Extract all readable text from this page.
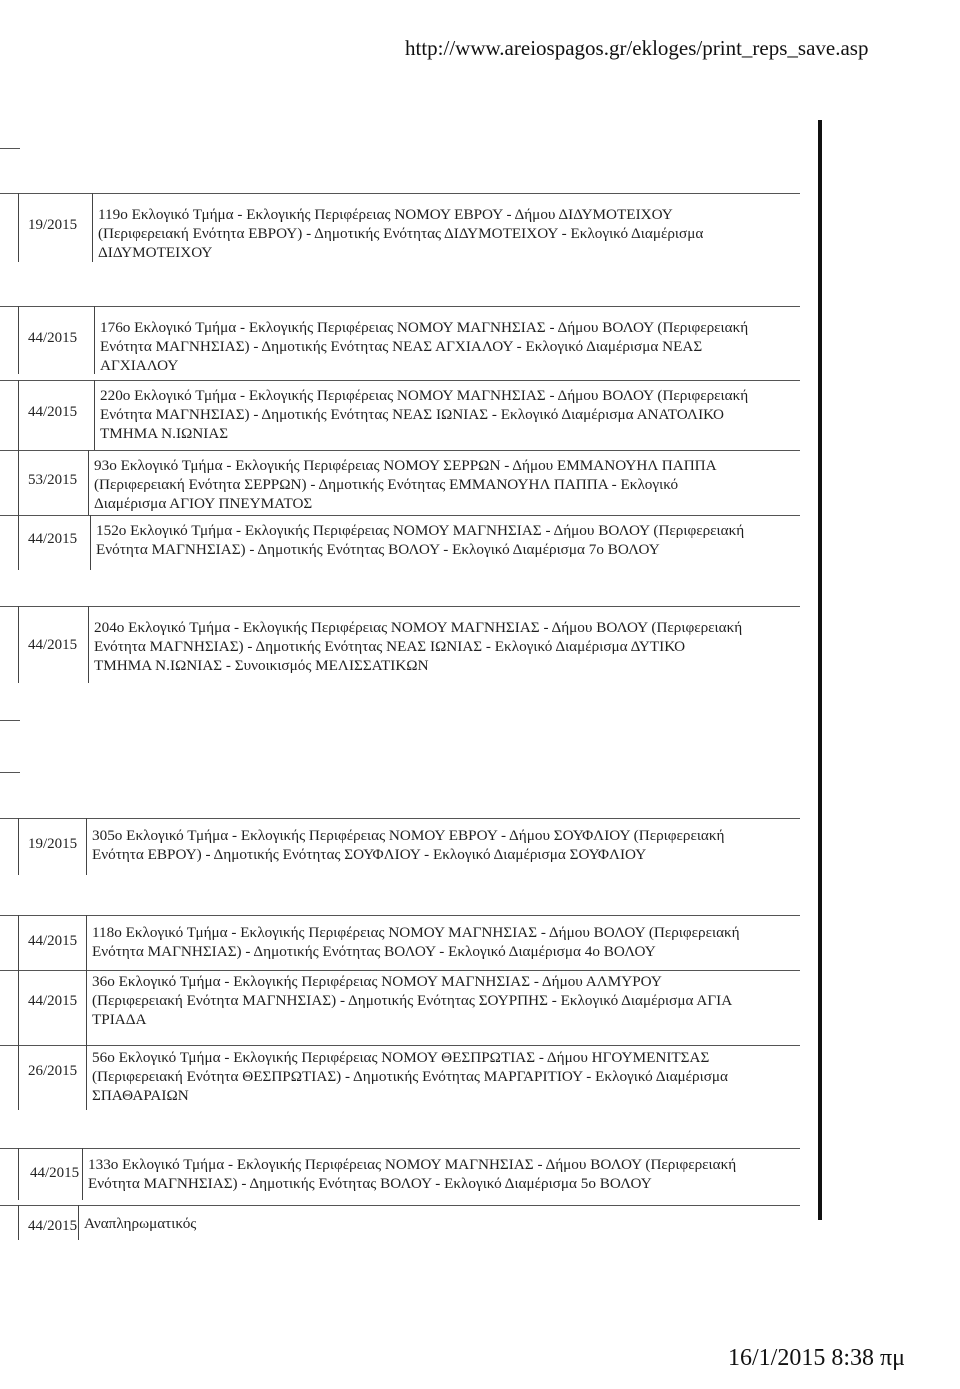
http://www.areiospagos.gr/ekloges/print_reps_save.asp
19/2015
119ο Εκλογικό Τμήμα - Εκλογικής Περιφέρειας ΝΟΜΟΥ ΕΒΡΟΥ - Δήμου ΔΙΔΥΜΟΤΕΙΧΟΥ
(Περιφερειακή Ενότητα ΕΒΡΟΥ) - Δημοτικής Ενότητας ΔΙΔΥΜΟΤΕΙΧΟΥ - Εκλογικό Διαμέρισμα
ΔΙΔΥΜΟΤΕΙΧΟΥ
44/2015
176ο Εκλογικό Τμήμα - Εκλογικής Περιφέρειας ΝΟΜΟΥ ΜΑΓΝΗΣΙΑΣ - Δήμου ΒΟΛΟΥ (Περιφερειακή
Ενότητα ΜΑΓΝΗΣΙΑΣ) - Δημοτικής Ενότητας ΝΕΑΣ ΑΓΧΙΑΛΟΥ - Εκλογικό Διαμέρισμα ΝΕΑΣ
ΑΓΧΙΑΛΟΥ
44/2015
220ο Εκλογικό Τμήμα - Εκλογικής Περιφέρειας ΝΟΜΟΥ ΜΑΓΝΗΣΙΑΣ - Δήμου ΒΟΛΟΥ (Περιφερειακή
Ενότητα ΜΑΓΝΗΣΙΑΣ) - Δημοτικής Ενότητας ΝΕΑΣ ΙΩΝΙΑΣ - Εκλογικό Διαμέρισμα ΑΝΑΤΟΛΙΚΟ
ΤΜΗΜΑ Ν.ΙΩΝΙΑΣ
53/2015
93ο Εκλογικό Τμήμα - Εκλογικής Περιφέρειας ΝΟΜΟΥ ΣΕΡΡΩΝ - Δήμου ΕΜΜΑΝΟΥΗΛ ΠΑΠΠΑ
(Περιφερειακή Ενότητα ΣΕΡΡΩΝ) - Δημοτικής Ενότητας ΕΜΜΑΝΟΥΗΛ ΠΑΠΠΑ - Εκλογικό
Διαμέρισμα ΑΓΙΟΥ ΠΝΕΥΜΑΤΟΣ
44/2015 152ο Εκλογικό Τμήμα - Εκλογικής Περιφέρειας ΝΟΜΟΥ ΜΑΓΝΗΣΙΑΣ - Δήμου ΒΟΛΟΥ (Περιφερειακή
Ενότητα ΜΑΓΝΗΣΙΑΣ) - Δημοτικής Ενότητας ΒΟΛΟΥ - Εκλογικό Διαμέρισμα 7ο ΒΟΛΟΥ
44/2015
204ο Εκλογικό Τμήμα - Εκλογικής Περιφέρειας ΝΟΜΟΥ ΜΑΓΝΗΣΙΑΣ - Δήμου ΒΟΛΟΥ (Περιφερειακή
Ενότητα ΜΑΓΝΗΣΙΑΣ) - Δημοτικής Ενότητας ΝΕΑΣ ΙΩΝΙΑΣ - Εκλογικό Διαμέρισμα ΔΥΤΙΚΟ
ΤΜΗΜΑ Ν.ΙΩΝΙΑΣ - Συνοικισμός ΜΕΛΙΣΣΑΤΙΚΩΝ
19/2015 305ο Εκλογικό Τμήμα - Εκλογικής Περιφέρειας ΝΟΜΟΥ ΕΒΡΟΥ - Δήμου ΣΟΥΦΛΙΟΥ (Περιφερειακή
Ενότητα ΕΒΡΟΥ) - Δημοτικής Ενότητας ΣΟΥΦΛΙΟΥ - Εκλογικό Διαμέρισμα ΣΟΥΦΛΙΟΥ
44/2015 118ο Εκλογικό Τμήμα - Εκλογικής Περιφέρειας ΝΟΜΟΥ ΜΑΓΝΗΣΙΑΣ - Δήμου ΒΟΛΟΥ (Περιφερειακή
Ενότητα ΜΑΓΝΗΣΙΑΣ) - Δημοτικής Ενότητας ΒΟΛΟΥ - Εκλογικό Διαμέρισμα 4ο ΒΟΛΟΥ
44/2015
36ο Εκλογικό Τμήμα - Εκλογικής Περιφέρειας ΝΟΜΟΥ ΜΑΓΝΗΣΙΑΣ - Δήμου ΑΛΜΥΡΟΥ
(Περιφερειακή Ενότητα ΜΑΓΝΗΣΙΑΣ) - Δημοτικής Ενότητας ΣΟΥΡΠΗΣ - Εκλογικό Διαμέρισμα ΑΓΙΑ
ΤΡΙΑΔΑ
26/2015
56ο Εκλογικό Τμήμα - Εκλογικής Περιφέρειας ΝΟΜΟΥ ΘΕΣΠΡΩΤΙΑΣ - Δήμου ΗΓΟΥΜΕΝΙΤΣΑΣ
(Περιφερειακή Ενότητα ΘΕΣΠΡΩΤΙΑΣ) - Δημοτικής Ενότητας ΜΑΡΓΑΡΙΤΙΟΥ - Εκλογικό Διαμέρισμα
ΣΠΑΘΑΡΑΙΩΝ
44/2015 133ο Εκλογικό Τμήμα - Εκλογικής Περιφέρειας ΝΟΜΟΥ ΜΑΓΝΗΣΙΑΣ - Δήμου ΒΟΛΟΥ (Περιφερειακή
Ενότητα ΜΑΓΝΗΣΙΑΣ) - Δημοτικής Ενότητας ΒΟΛΟΥ - Εκλογικό Διαμέρισμα 5ο ΒΟΛΟΥ
44/2015 Αναπληρωματικός
16/1/2015 8:38 πμ
